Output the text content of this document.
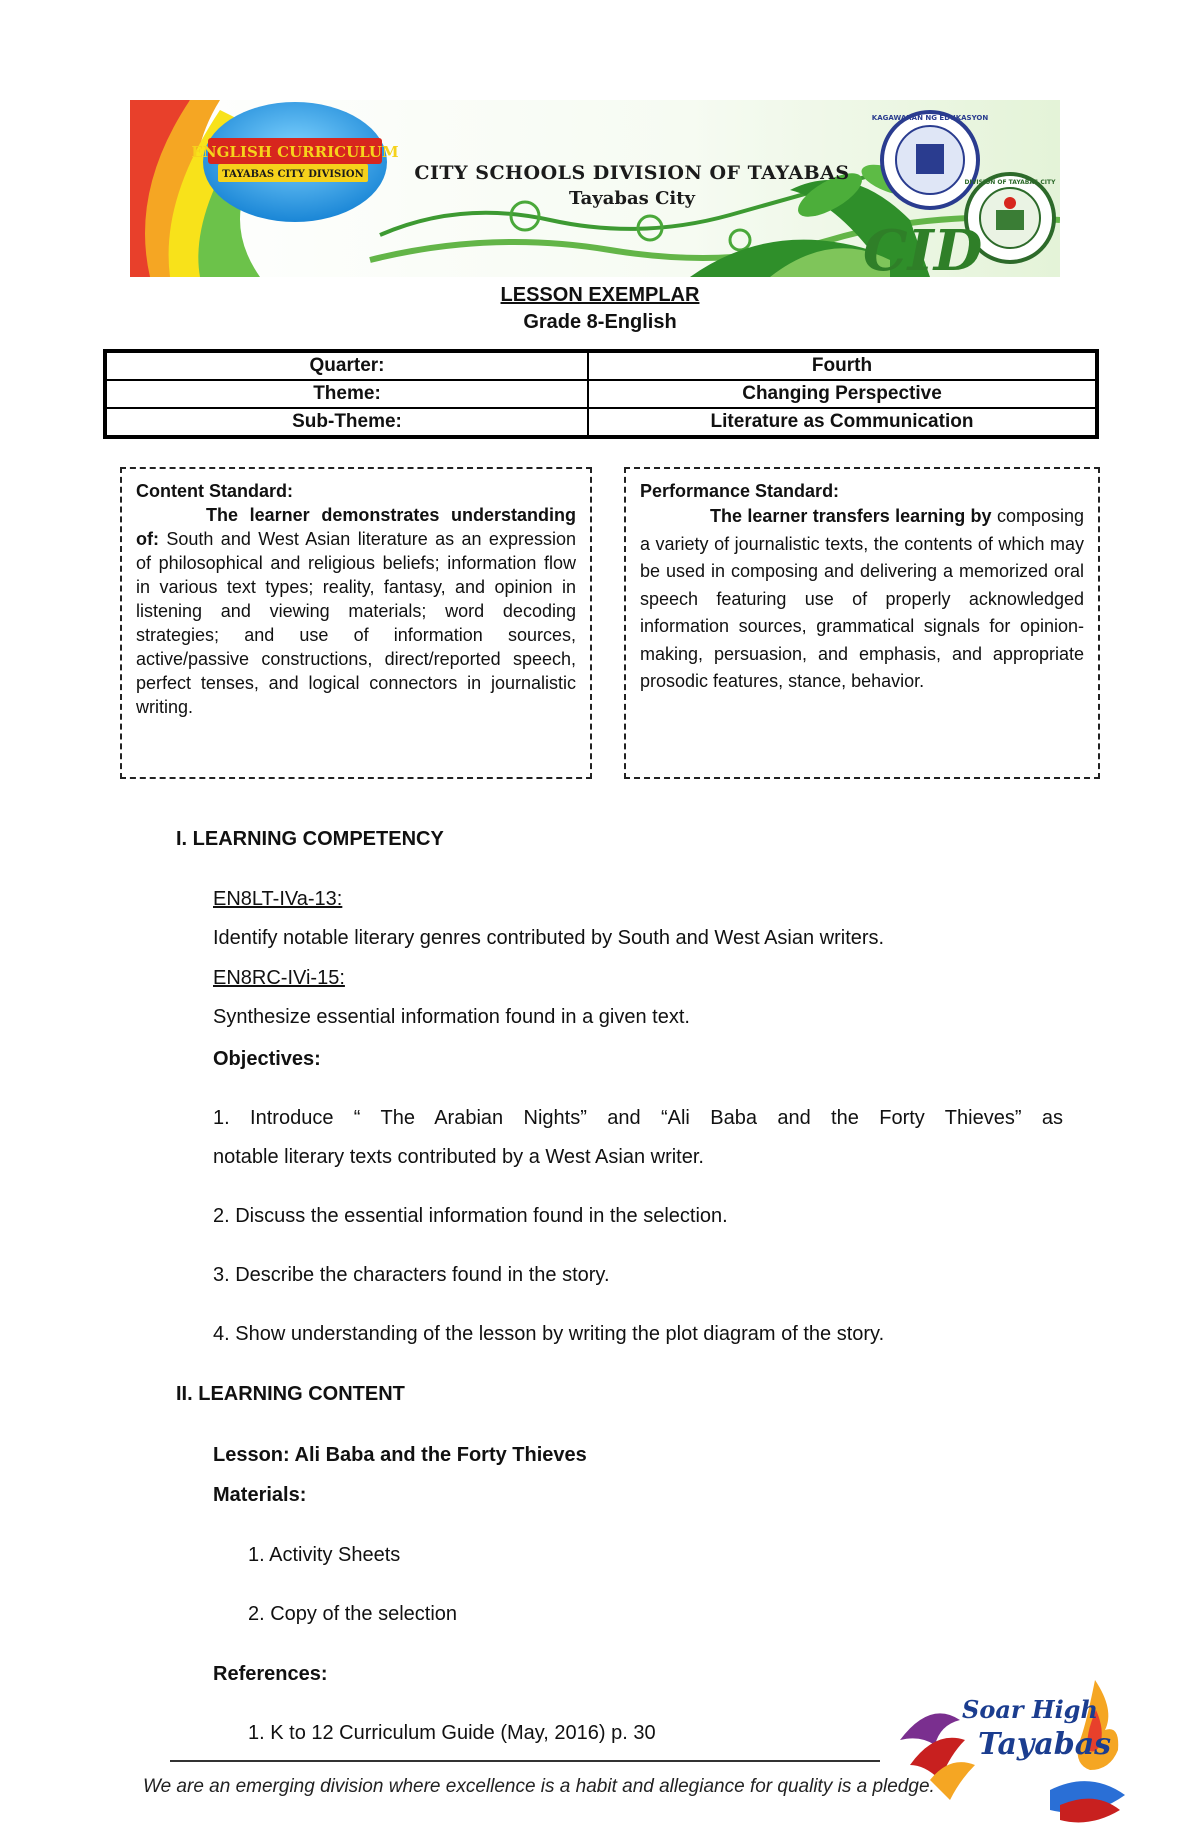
CID
ENGLISH CURRICULUM
TAYABAS CITY DIVISION
KAGAWARAN NG EDUKASYON
DIVISION OF TAYABAS CITY
CITY SCHOOLS DIVISION OF TAYABAS
Tayabas City
LESSON EXEMPLAR
Grade 8-English
Quarter:	Fourth
Theme:	Changing Perspective
Sub-Theme:	Literature as Communication
Content Standard:
The learner demonstrates understanding of: South and West Asian literature as an expression of philosophical and religious beliefs; information flow in various text types; reality, fantasy, and opinion in listening and viewing materials; word decoding strategies; and use of information sources, active/passive constructions, direct/reported speech, perfect tenses, and logical connectors in journalistic writing.
Performance Standard:
The learner transfers learning by composing a variety of journalistic texts, the contents of which may be used in composing and delivering a memorized oral speech featuring use of properly acknowledged information sources, grammatical signals for opinion-making, persuasion, and emphasis, and appropriate prosodic features, stance, behavior.
I. LEARNING COMPETENCY
EN8LT-IVa-13:
Identify notable literary genres contributed by South and West Asian writers.
EN8RC-IVi-15:
Synthesize essential information found in a given text.
Objectives:
1. Introduce “ The Arabian Nights” and “Ali Baba and the Forty Thieves” as
notable literary texts contributed by a West Asian writer.
2. Discuss the essential information found in the selection.
3. Describe the characters found in the story.
4. Show understanding of the lesson by writing the plot diagram of the story.
II. LEARNING CONTENT
Lesson: Ali Baba and the Forty Thieves
Materials:
1. Activity Sheets
2. Copy of the selection
References:
1. K to 12 Curriculum Guide (May, 2016) p. 30
We are an emerging division where excellence is a habit and allegiance for quality is a pledge.
Soar High
Tayabas
